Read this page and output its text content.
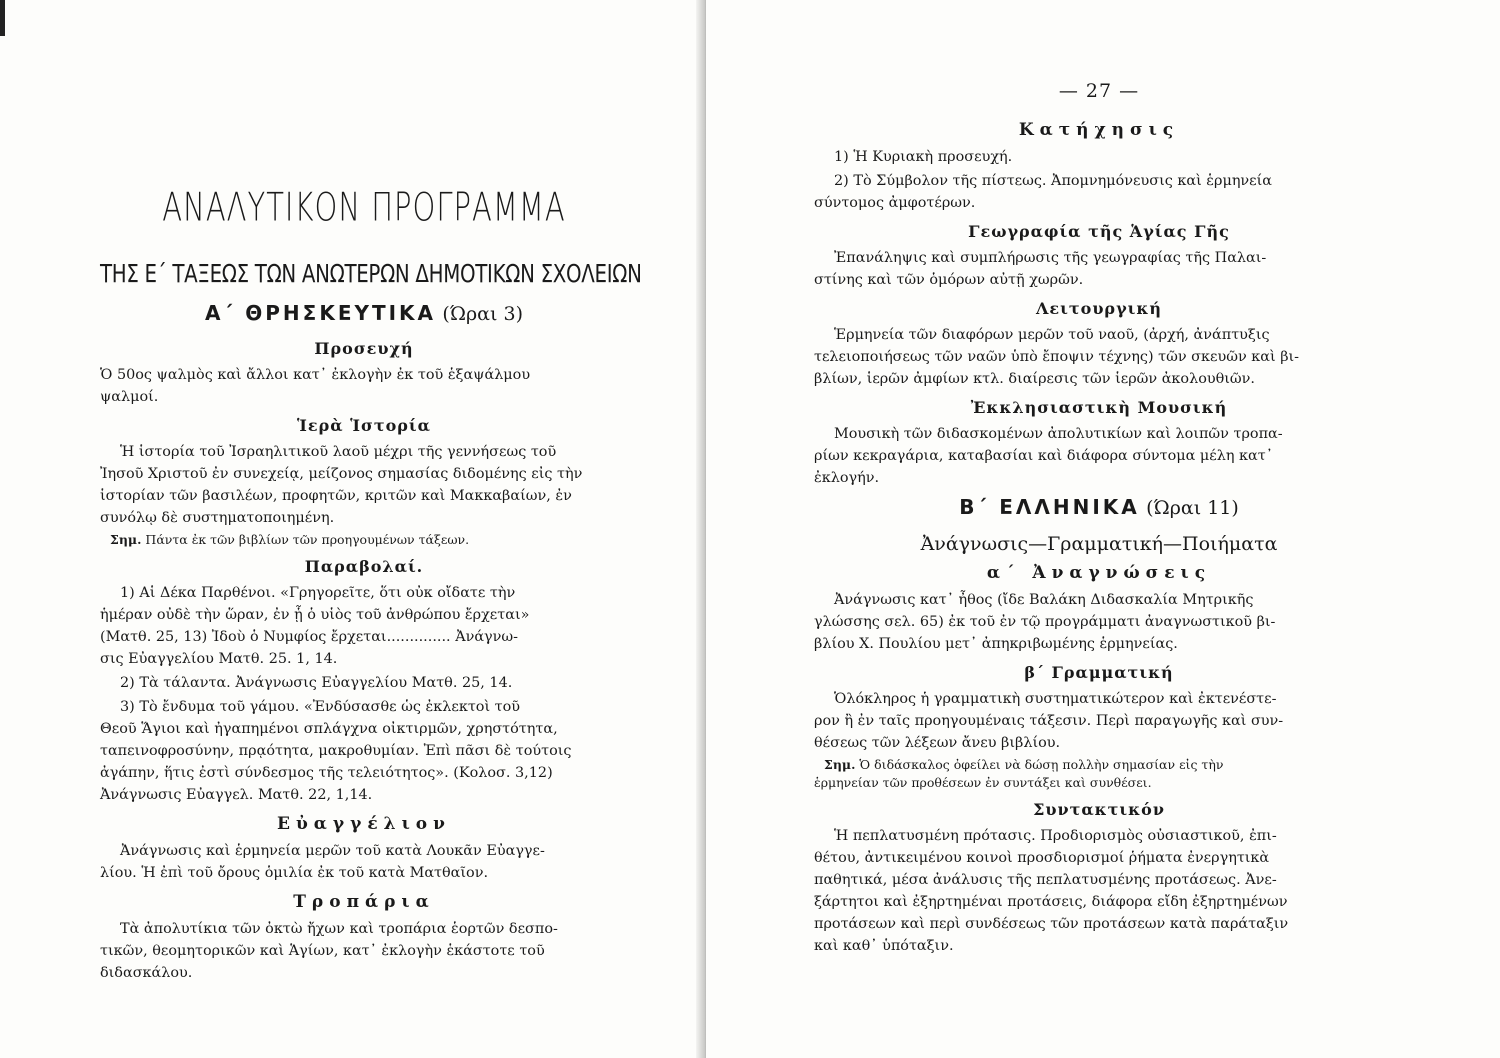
ΑΝΑΛΥΤΙΚΟΝ ΠΡΟΓΡΑΜΜΑ
ΤΗΣ Ε΄ ΤΑΞΕΩΣ ΤΩΝ ΑΝΩΤΕΡΩΝ ΔΗΜΟΤΙΚΩΝ ΣΧΟΛΕΙΩΝ
Α΄ ΘΡΗΣΚΕΥΤΙΚΑ (Ώραι 3)
Προσευχή
Ὁ 50ος ψαλμὸς καὶ ἄλλοι κατ᾽ ἐκλογὴν ἐκ τοῦ ἑξαψάλμου
ψαλμοί.
Ἱερὰ Ἱστορία
Ἡ ἱστορία τοῦ Ἰσραηλιτικοῦ λαοῦ μέχρι τῆς γεννήσεως τοῦ
Ἰησοῦ Χριστοῦ ἐν συνεχείᾳ, μείζονος σημασίας διδομένης εἰς τὴν
ἱστορίαν τῶν βασιλέων, προφητῶν, κριτῶν καὶ Μακκαβαίων, ἐν
συνόλῳ δὲ συστηματοποιημένη.
Σημ. Πάντα ἐκ τῶν βιβλίων τῶν προηγουμένων τάξεων.
Παραβολαί.
1) Αἱ Δέκα Παρθένοι. «Γρηγορεῖτε, ὅτι οὐκ οἴδατε τὴν
ἡμέραν οὐδὲ τὴν ὥραν, ἐν ᾗ ὁ υἱὸς τοῦ ἀνθρώπου ἔρχεται»
(Ματθ. 25, 13) Ἰδοὺ ὁ Νυμφίος ἔρχεται.............. Ἀνάγνω-
σις Εὐαγγελίου Ματθ. 25. 1, 14.
2) Τὰ τάλαντα. Ἀνάγνωσις Εὐαγγελίου Ματθ. 25, 14.
3) Τὸ ἔνδυμα τοῦ γάμου. «Ἐνδύσασθε ὡς ἐκλεκτοὶ τοῦ
Θεοῦ Ἅγιοι καὶ ἠγαπημένοι σπλάγχνα οἰκτιρμῶν, χρηστότητα,
ταπεινοφροσύνην, πρᾳότητα, μακροθυμίαν. Ἐπὶ πᾶσι δὲ τούτοις
ἀγάπην, ἥτις ἐστὶ σύνδεσμος τῆς τελειότητος». (Κολοσ. 3,12)
Ἀνάγνωσις Εὐαγγελ. Ματθ. 22, 1,14.
Εὐαγγέλιον
Ἀνάγνωσις καὶ ἑρμηνεία μερῶν τοῦ κατὰ Λουκᾶν Εὐαγγε-
λίου. Ἡ ἐπὶ τοῦ ὄρους ὁμιλία ἐκ τοῦ κατὰ Ματθαῖον.
Τροπάρια
Τὰ ἀπολυτίκια τῶν ὀκτὼ ἤχων καὶ τροπάρια ἑορτῶν δεσπο-
τικῶν, θεομητορικῶν καὶ Ἁγίων, κατ᾽ ἐκλογὴν ἑκάστοτε τοῦ
διδασκάλου.
— 27 —
Κατήχησις
1) Ἡ Κυριακὴ προσευχή.
2) Τὸ Σύμβολον τῆς πίστεως. Ἀπομνημόνευσις καὶ ἑρμηνεία
σύντομος ἀμφοτέρων.
Γεωγραφία τῆς Ἁγίας Γῆς
Ἐπανάληψις καὶ συμπλήρωσις τῆς γεωγραφίας τῆς Παλαι-
στίνης καὶ τῶν ὁμόρων αὐτῇ χωρῶν.
Λειτουργική
Ἑρμηνεία τῶν διαφόρων μερῶν τοῦ ναοῦ, (ἀρχή, ἀνάπτυξις
τελειοποιήσεως τῶν ναῶν ὑπὸ ἔποψιν τέχνης) τῶν σκευῶν καὶ βι-
βλίων, ἱερῶν ἀμφίων κτλ. διαίρεσις τῶν ἱερῶν ἀκολουθιῶν.
Ἐκκλησιαστικὴ Μουσική
Μουσικὴ τῶν διδασκομένων ἀπολυτικίων καὶ λοιπῶν τροπα-
ρίων κεκραγάρια, καταβασίαι καὶ διάφορα σύντομα μέλη κατ᾽
ἐκλογήν.
Β΄ ΕΛΛΗΝΙΚΑ (Ώραι 11)
Ἀνάγνωσις—Γραμματική—Ποιήματα
α΄ Ἀναγνώσεις
Ἀνάγνωσις κατ᾽ ἦθος (ἴδε Βαλάκη Διδασκαλία Μητρικῆς
γλώσσης σελ. 65) ἐκ τοῦ ἐν τῷ προγράμματι ἀναγνωστικοῦ βι-
βλίου Χ. Πουλίου μετ᾽ ἀπηκριβωμένης ἑρμηνείας.
β΄ Γραμματική
Ὁλόκληρος ἡ γραμματικὴ συστηματικώτερον καὶ ἐκτενέστε-
ρον ἢ ἐν ταῖς προηγουμέναις τάξεσιν. Περὶ παραγωγῆς καὶ συν-
θέσεως τῶν λέξεων ἄνευ βιβλίου.
Σημ. Ὁ διδάσκαλος ὀφείλει νὰ δώσῃ πολλὴν σημασίαν εἰς τὴν
ἑρμηνείαν τῶν προθέσεων ἐν συντάξει καὶ συνθέσει.
Συντακτικόν
Ἡ πεπλατυσμένη πρότασις. Προδιορισμὸς οὐσιαστικοῦ, ἐπι-
θέτου, ἀντικειμένου κοινοὶ προσδιορισμοί ῥήματα ἐνεργητικὰ
παθητικά, μέσα ἀνάλυσις τῆς πεπλατυσμένης προτάσεως. Ἀνε-
ξάρτητοι καὶ ἐξηρτημέναι προτάσεις, διάφορα εἴδη ἐξηρτημένων
προτάσεων καὶ περὶ συνδέσεως τῶν προτάσεων κατὰ παράταξιν
καὶ καθ᾽ ὑπόταξιν.
